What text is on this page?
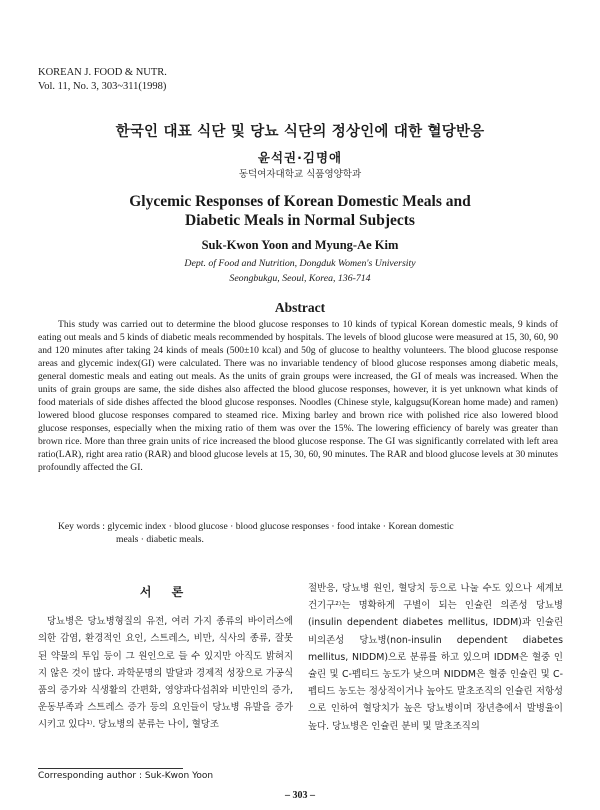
KOREAN J. FOOD & NUTR.
Vol. 11, No. 3, 303~311(1998)
한국인 대표 식단 및 당뇨 식단의 정상인에 대한 혈당반응
윤석권·김명애
동덕여자대학교 식품영양학과
Glycemic Responses of Korean Domestic Meals and
Diabetic Meals in Normal Subjects
Suk-Kwon Yoon and Myung-Ae Kim
Dept. of Food and Nutrition, Dongduk Women's University
Seongbukgu, Seoul, Korea, 136-714
Abstract

This study was carried out to determine the blood glucose responses to 10 kinds of typical Korean domestic meals, 9 kinds of eating out meals and 5 kinds of diabetic meals recommended by hospitals. The levels of blood glucose were measured at 15, 30, 60, 90 and 120 minutes after taking 24 kinds of meals (500±10 kcal) and 50g of glucose to healthy volunteers. The blood glucose response areas and glycemic index(GI) were calculated. There was no invariable tendency of blood glucose responses among diabetic meals, general domestic meals and eating out meals. As the units of grain groups were increased, the GI of meals was increased. When the units of grain groups are same, the side dishes also affected the blood glucose responses, however, it is yet unknown what kinds of food materials of side dishes affected the blood glucose responses. Noodles (Chinese style, kalgugsu(Korean home made) and ramen) lowered blood glucose responses compared to steamed rice. Mixing barley and brown rice with polished rice also lowered blood glucose responses, especially when the mixing ratio of them was over the 15%. The lowering efficiency of barely was greater than brown rice. More than three grain units of rice increased the blood glucose response. The GI was significantly correlated with left area ratio(LAR), right area ratio (RAR) and blood glucose levels at 15, 30, 60, 90 minutes. The RAR and blood glucose levels at 30 minutes profoundly affected the GI.

Key words : glycemic index · blood glucose · blood glucose responses · food intake · Korean domestic
meals · diabetic meals.
서 론

당뇨병은 당뇨병형질의 유전, 여러 가지 종류의 바이러스에 의한 감염, 환경적인 요인, 스트레스, 비만, 식사의 종류, 잘못된 약물의 투입 등이 그 원인으로 들 수 있지만 아직도 밝혀지지 않은 것이 많다. 과학문명의 발달과 경제적 성장으로 가공식품의 증가와 식생활의 간편화, 영양과다섭취와 비만인의 증가, 운동부족과 스트레스 증가 등의 요인들이 당뇨병 유발을 증가시키고 있다¹⁾. 당뇨병의 분류는 나이, 혈당조

절반응, 당뇨병 원인, 혈당치 등으로 나눌 수도 있으나 세계보건기구²⁾는 명확하게 구별이 되는 인슐린 의존성 당뇨병(insulin dependent diabetes mellitus, IDDM)과 인슐린 비의존성 당뇨병(non-insulin dependent diabetes mellitus, NIDDM)으로 분류를 하고 있으며 IDDM은 혈중 인슐린 및 C-펩티드 농도가 낮으며 NIDDM은 혈중 인슐린 및 C-펩티드 농도는 정상적이거나 높아도 말초조직의 인슐린 저항성으로 인하여 혈당치가 높은 당뇨병이며 장년층에서 발병율이 높다. 당뇨병은 인슐린 분비 및 말초조직의

Corresponding author : Suk-Kwon Yoon
– 303 –
